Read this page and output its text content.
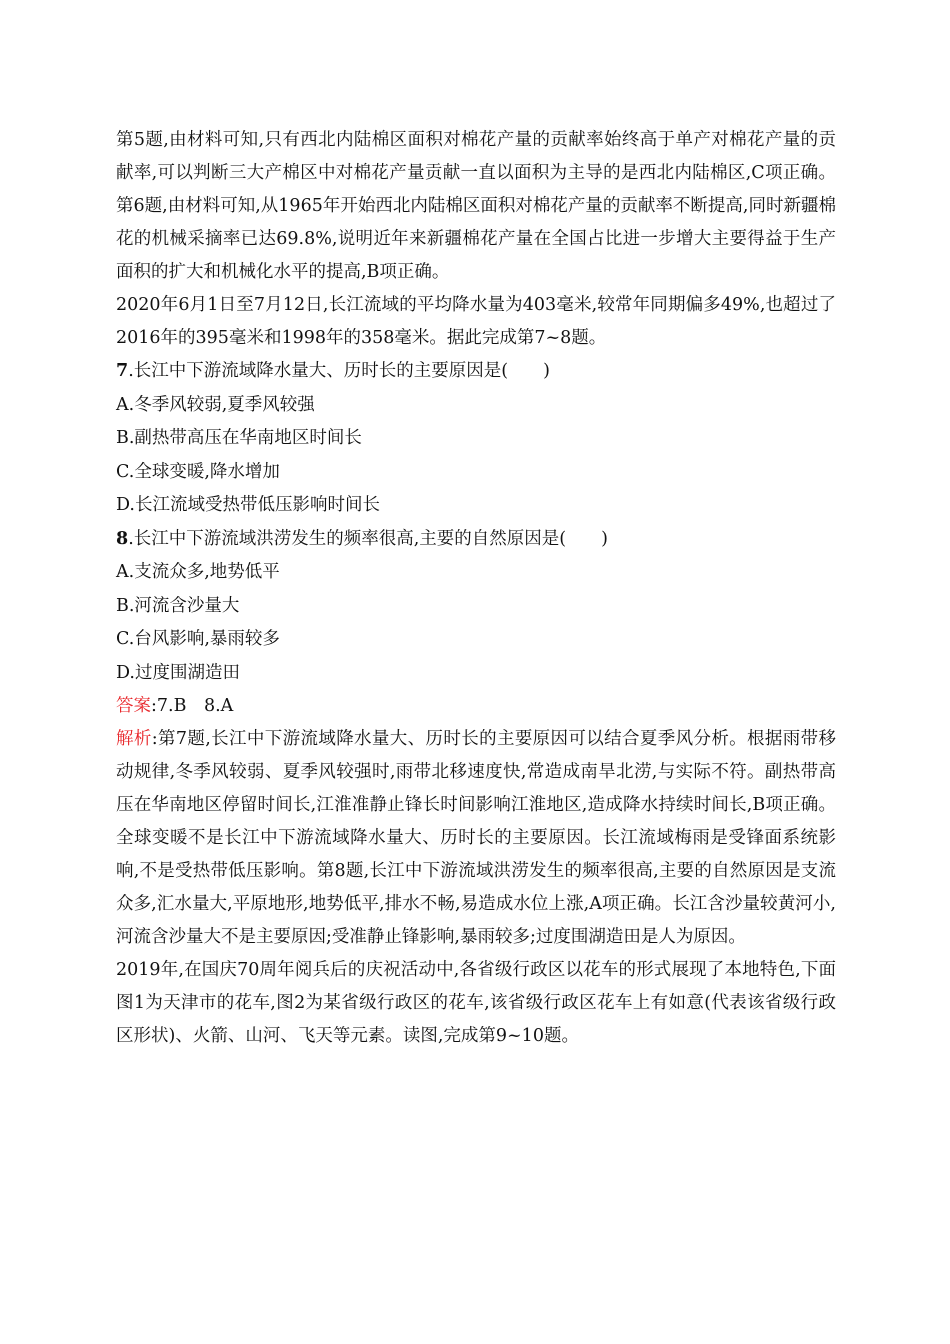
第5题,由材料可知,只有西北内陆棉区面积对棉花产量的贡献率始终高于单产对棉花产量的贡献率,可以判断三大产棉区中对棉花产量贡献一直以面积为主导的是西北内陆棉区,C项正确。第6题,由材料可知,从1965年开始西北内陆棉区面积对棉花产量的贡献率不断提高,同时新疆棉花的机械采摘率已达69.8%,说明近年来新疆棉花产量在全国占比进一步增大主要得益于生产面积的扩大和机械化水平的提高,B项正确。

2020年6月1日至7月12日,长江流域的平均降水量为403毫米,较常年同期偏多49%,也超过了2016年的395毫米和1998年的358毫米。据此完成第7~8题。

7.长江中下游流域降水量大、历时长的主要原因是(　　)

A.冬季风较弱,夏季风较强

B.副热带高压在华南地区时间长

C.全球变暖,降水增加

D.长江流域受热带低压影响时间长

8.长江中下游流域洪涝发生的频率很高,主要的自然原因是(　　)

A.支流众多,地势低平

B.河流含沙量大

C.台风影响,暴雨较多

D.过度围湖造田

答案:7.B　8.A

解析:第7题,长江中下游流域降水量大、历时长的主要原因可以结合夏季风分析。根据雨带移动规律,冬季风较弱、夏季风较强时,雨带北移速度快,常造成南旱北涝,与实际不符。副热带高压在华南地区停留时间长,江淮准静止锋长时间影响江淮地区,造成降水持续时间长,B项正确。全球变暖不是长江中下游流域降水量大、历时长的主要原因。长江流域梅雨是受锋面系统影响,不是受热带低压影响。第8题,长江中下游流域洪涝发生的频率很高,主要的自然原因是支流众多,汇水量大,平原地形,地势低平,排水不畅,易造成水位上涨,A项正确。长江含沙量较黄河小,河流含沙量大不是主要原因;受准静止锋影响,暴雨较多;过度围湖造田是人为原因。

2019年,在国庆70周年阅兵后的庆祝活动中,各省级行政区以花车的形式展现了本地特色,下面图1为天津市的花车,图2为某省级行政区的花车,该省级行政区花车上有如意(代表该省级行政区形状)、火箭、山河、飞天等元素。读图,完成第9~10题。
